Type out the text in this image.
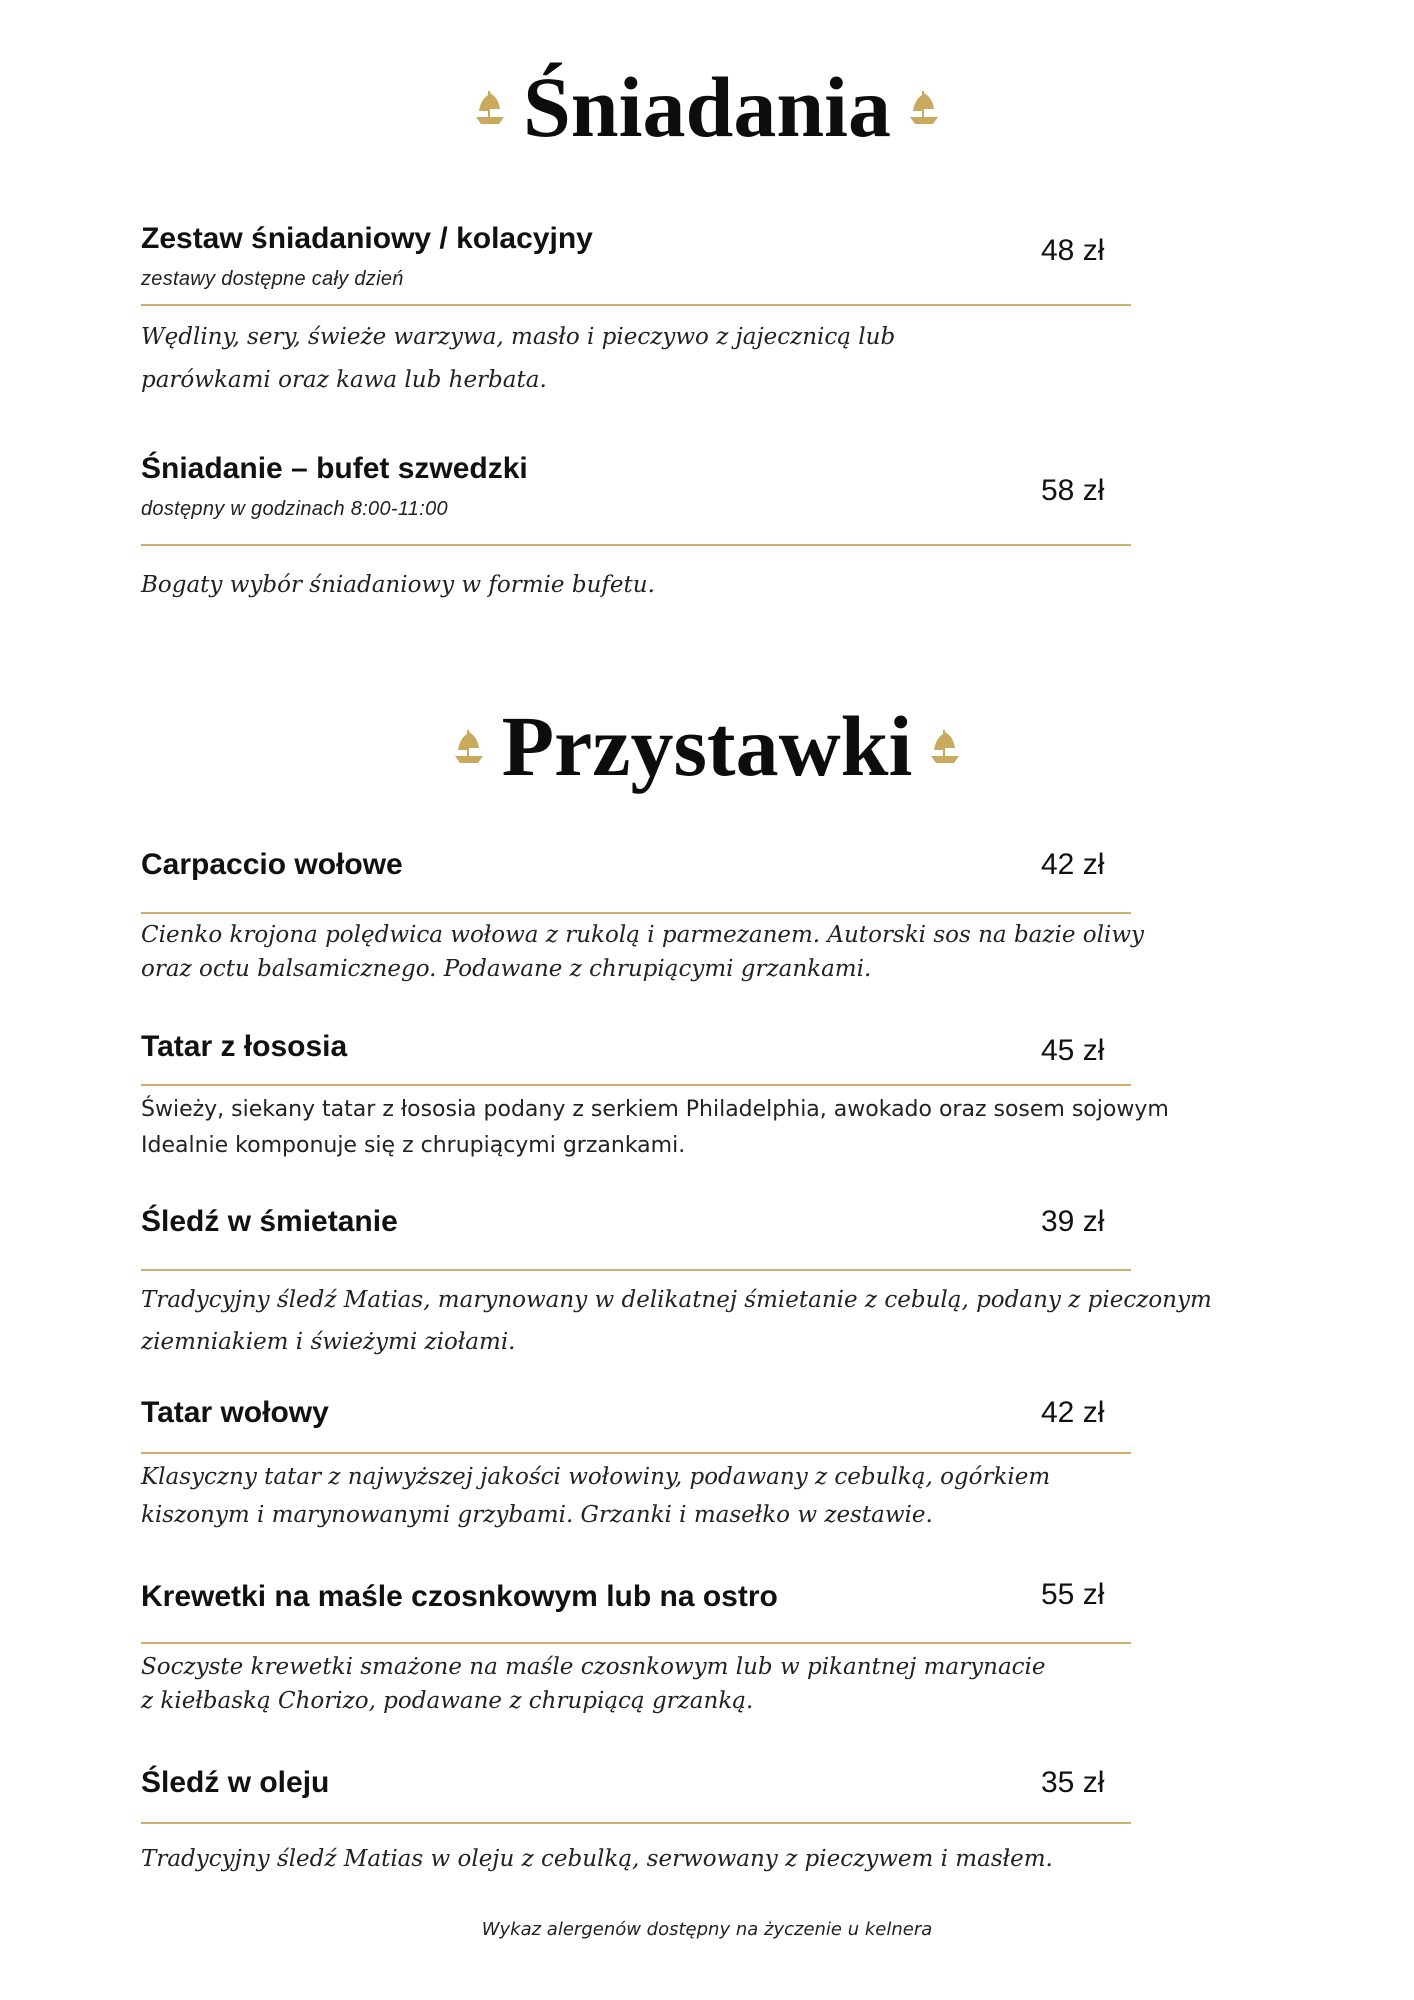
Śniadania
Zestaw śniadaniowy / kolacyjny
zestawy dostępne cały dzień
48 zł

Wędliny, sery, świeże warzywa, masło i pieczywo z jajecznicą lub
parówkami oraz kawa lub herbata.

Śniadanie – bufet szwedzki
dostępny w godzinach 8:00-11:00
58 zł

Bogaty wybór śniadaniowy w formie bufetu.

Przystawki
Carpaccio wołowe	42 zł

Cienko krojona polędwica wołowa z rukolą i parmezanem. Autorski sos na bazie oliwy
oraz octu balsamicznego. Podawane z chrupiącymi grzankami.

Tatar z łososia	45 zł

Świeży, siekany tatar z łososia podany z serkiem Philadelphia, awokado oraz sosem sojowym
Idealnie komponuje się z chrupiącymi grzankami.

Śledź w śmietanie	39 zł

Tradycyjny śledź Matias, marynowany w delikatnej śmietanie z cebulą, podany z pieczonym
ziemniakiem i świeżymi ziołami.

Tatar wołowy	42 zł

Klasyczny tatar z najwyższej jakości wołowiny, podawany z cebulką, ogórkiem
kiszonym i marynowanymi grzybami. Grzanki i masełko w zestawie.

Krewetki na maśle czosnkowym lub na ostro	55 zł

Soczyste krewetki smażone na maśle czosnkowym lub w pikantnej marynacie
z kiełbaską Chorizo, podawane z chrupiącą grzanką.

Śledź w oleju	35 zł

Tradycyjny śledź Matias w oleju z cebulką, serwowany z pieczywem i masłem.

Wykaz alergenów dostępny na życzenie u kelnera
